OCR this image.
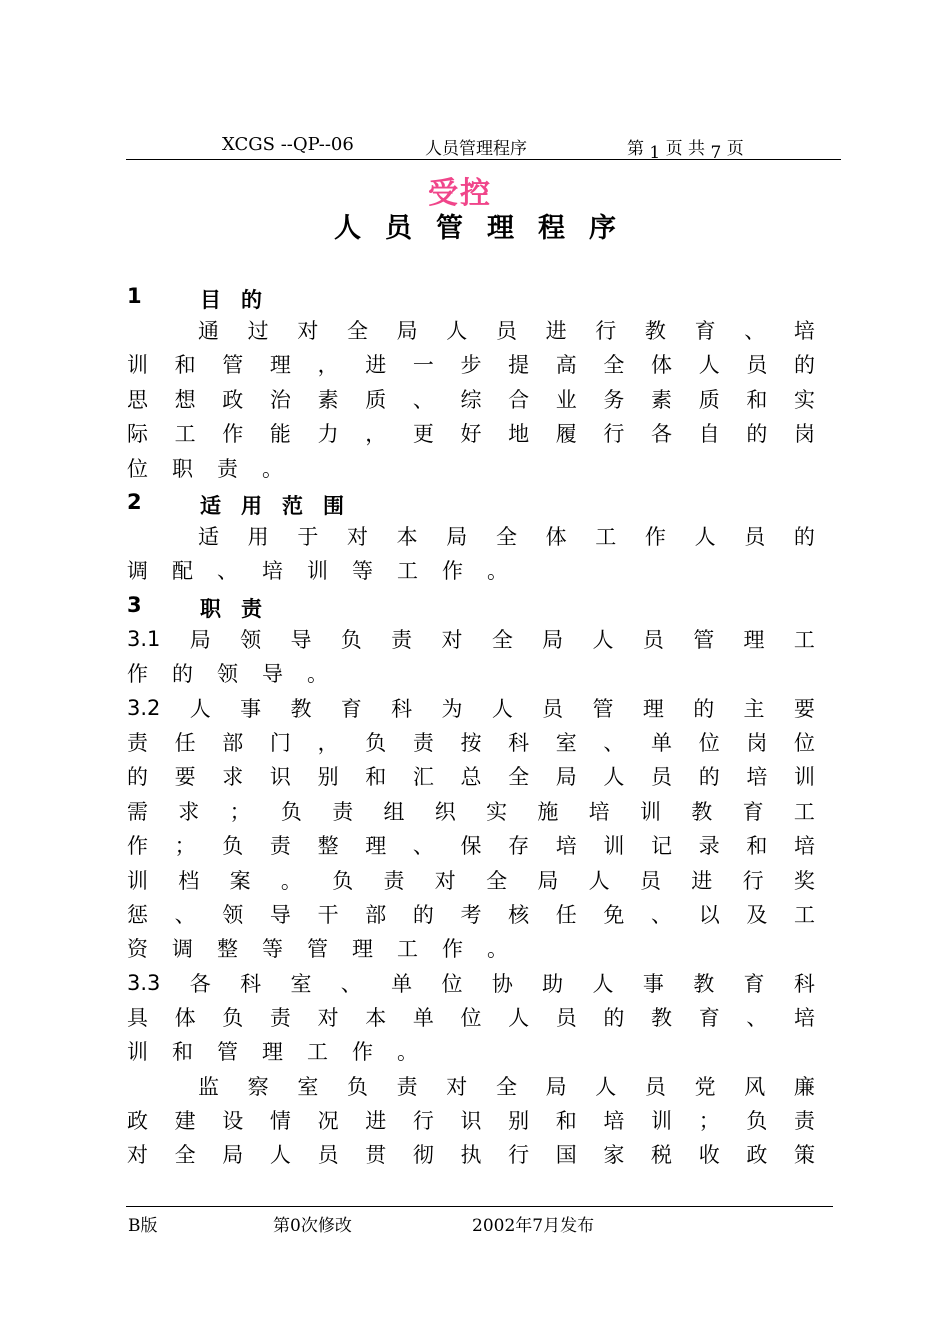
XCGS --QP--06	人员管理程序	第 1 页 共 7 页
受控
人员管理程序
1	目的
通 过 对 全 局 人 员 进 行 教 育 、 培
训 和 管 理 ， 进 一 步 提 高 全 体 人 员 的
思 想 政 治 素 质 、 综 合 业 务 素 质 和 实
际 工 作 能 力 ， 更 好 地 履 行 各 自 的 岗
位 职 责 。
2	适用范围
适 用 于 对 本 局 全 体 工 作 人 员 的
调 配 、 培 训 等 工 作 。
3	职责
3.1 局 领 导 负 责 对 全 局 人 员 管 理 工
作 的 领 导 。
3.2 人 事 教 育 科 为 人 员 管 理 的 主 要
责 任 部 门 ， 负 责 按 科 室 、 单 位 岗 位
的 要 求 识 别 和 汇 总 全 局 人 员 的 培 训
需 求 ； 负 责 组 织 实 施 培 训 教 育 工
作 ； 负 责 整 理 、 保 存 培 训 记 录 和 培
训 档 案 。 负 责 对 全 局 人 员 进 行 奖
惩 、 领 导 干 部 的 考 核 任 免 、 以 及 工
资 调 整 等 管 理 工 作 。
3.3 各 科 室 、 单 位 协 助 人 事 教 育 科
具 体 负 责 对 本 单 位 人 员 的 教 育 、 培
训 和 管 理 工 作 。
监 察 室 负 责 对 全 局 人 员 党 风 廉
政 建 设 情 况 进 行 识 别 和 培 训 ； 负 责
对 全 局 人 员 贯 彻 执 行 国 家 税 收 政 策
B版	第0次修改	2002年7月发布
